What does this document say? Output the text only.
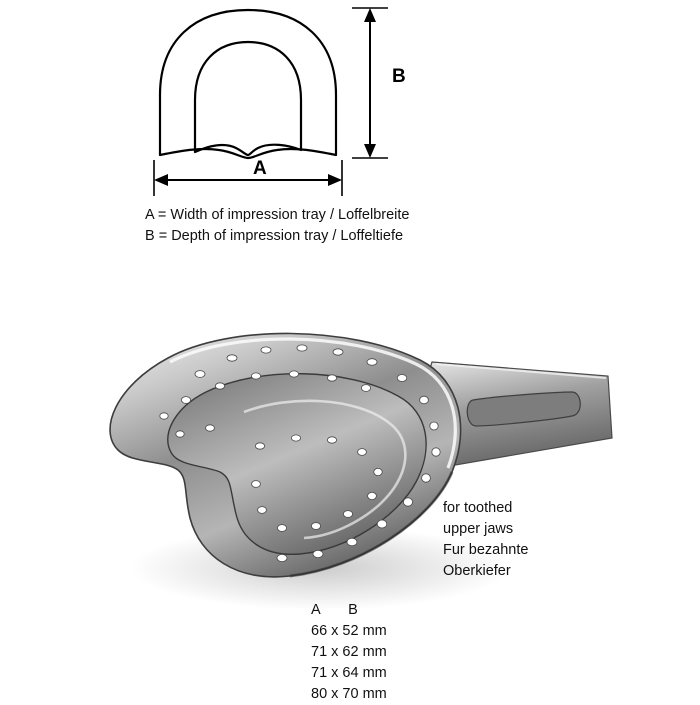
A
B
A = Width of impression tray / Loffelbreite
B = Depth of impression tray / Loffeltiefe
for toothed
upper jaws
Fur bezahnte
Oberkiefer
A       B
66 x 52 mm
71 x 62 mm
71 x 64 mm
80 x 70 mm
